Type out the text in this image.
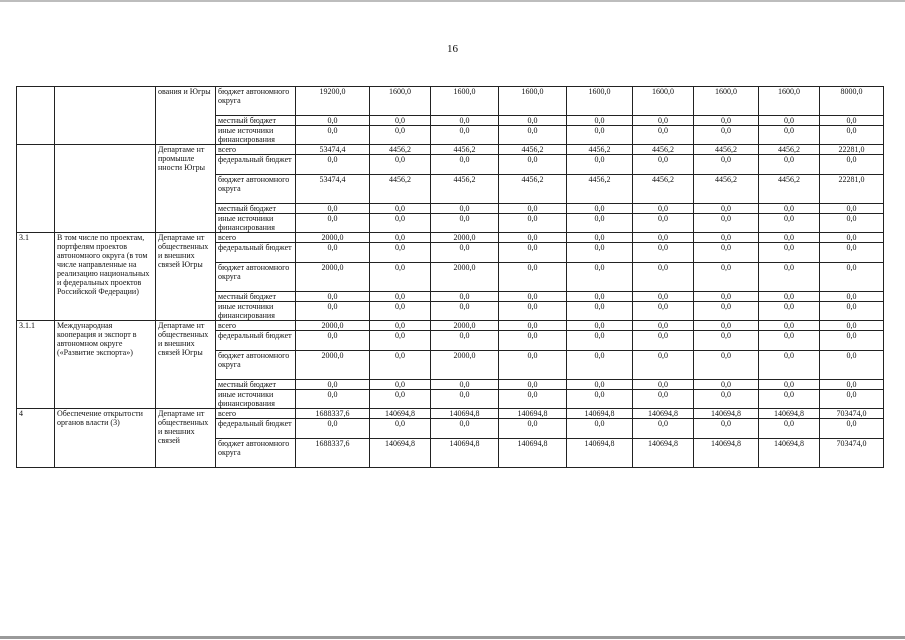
16
		ования и Югры	бюджет автономного округа	19200,0	1600,0	1600,0	1600,0	1600,0	1600,0	1600,0	1600,0	8000,0
			местный бюджет	0,0	0,0	0,0	0,0	0,0	0,0	0,0	0,0	0,0
			иные источники финансирования	0,0	0,0	0,0	0,0	0,0	0,0	0,0	0,0	0,0
		Департаме нт промышле нности Югры	всего	53474,4	4456,2	4456,2	4456,2	4456,2	4456,2	4456,2	4456,2	22281,0
			федеральный бюджет	0,0	0,0	0,0	0,0	0,0	0,0	0,0	0,0	0,0
			бюджет автономного округа	53474,4	4456,2	4456,2	4456,2	4456,2	4456,2	4456,2	4456,2	22281,0
			местный бюджет	0,0	0,0	0,0	0,0	0,0	0,0	0,0	0,0	0,0
			иные источники финансирования	0,0	0,0	0,0	0,0	0,0	0,0	0,0	0,0	0,0
3.1	В том числе по проектам, портфелям проектов автономного округа (в том числе направленные на реализацию национальных и федеральных проектов Российской Федерации)	Департаме нт общественных и внешних связей Югры	всего	2000,0	0,0	2000,0	0,0	0,0	0,0	0,0	0,0	0,0
			федеральный бюджет	0,0	0,0	0,0	0,0	0,0	0,0	0,0	0,0	0,0
			бюджет автономного округа	2000,0	0,0	2000,0	0,0	0,0	0,0	0,0	0,0	0,0
			местный бюджет	0,0	0,0	0,0	0,0	0,0	0,0	0,0	0,0	0,0
			иные источники финансирования	0,0	0,0	0,0	0,0	0,0	0,0	0,0	0,0	0,0
3.1.1	Международная кооперация и экспорт в автономном округе («Развитие экспорта»)	Департаме нт общественных и внешних связей Югры	всего	2000,0	0,0	2000,0	0,0	0,0	0,0	0,0	0,0	0,0
			федеральный бюджет	0,0	0,0	0,0	0,0	0,0	0,0	0,0	0,0	0,0
			бюджет автономного округа	2000,0	0,0	2000,0	0,0	0,0	0,0	0,0	0,0	0,0
			местный бюджет	0,0	0,0	0,0	0,0	0,0	0,0	0,0	0,0	0,0
			иные источники финансирования	0,0	0,0	0,0	0,0	0,0	0,0	0,0	0,0	0,0
4	Обеспечение открытости органов власти (3)	Департаме нт общественных и внешних связей	всего	1688337,6	140694,8	140694,8	140694,8	140694,8	140694,8	140694,8	140694,8	703474,0
			федеральный бюджет	0,0	0,0	0,0	0,0	0,0	0,0	0,0	0,0	0,0
			бюджет автономного округа	1688337,6	140694,8	140694,8	140694,8	140694,8	140694,8	140694,8	140694,8	703474,0
